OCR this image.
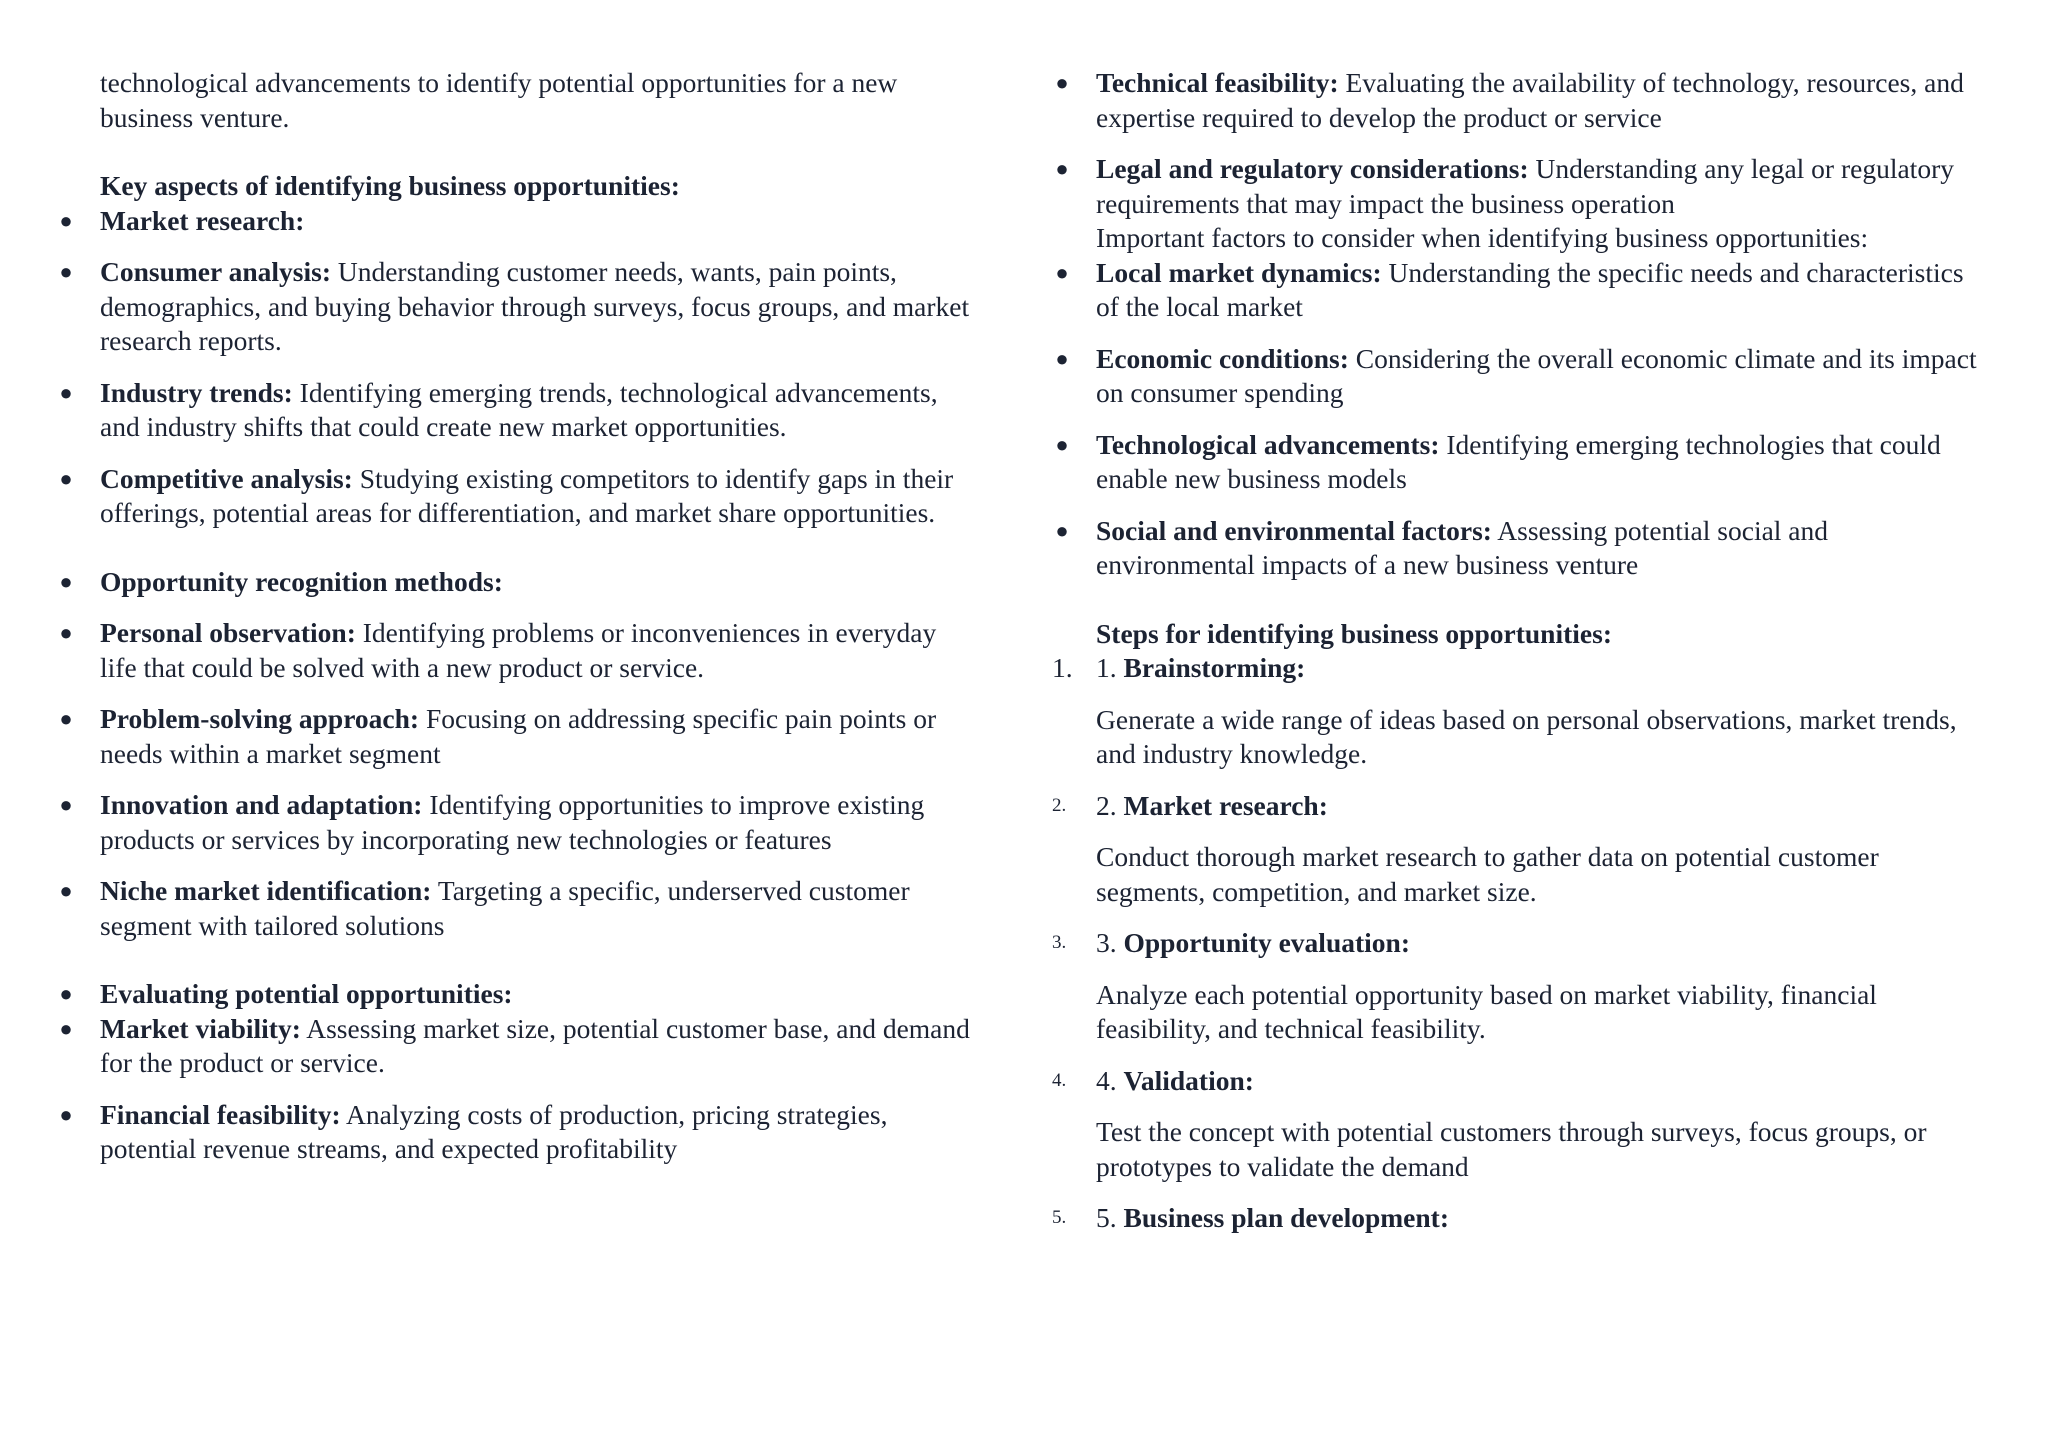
technological advancements to identify potential opportunities for a new business venture.

Key aspects of identifying business opportunities:

● Market research:
● Consumer analysis: Understanding customer needs, wants, pain points, demographics, and buying behavior through surveys, focus groups, and market research reports.
● Industry trends: Identifying emerging trends, technological advancements, and industry shifts that could create new market opportunities.
● Competitive analysis: Studying existing competitors to identify gaps in their offerings, potential areas for differentiation, and market share opportunities.
● Opportunity recognition methods:
● Personal observation: Identifying problems or inconveniences in everyday life that could be solved with a new product or service.
● Problem-solving approach: Focusing on addressing specific pain points or needs within a market segment
● Innovation and adaptation: Identifying opportunities to improve existing products or services by incorporating new technologies or features
● Niche market identification: Targeting a specific, underserved customer segment with tailored solutions
● Evaluating potential opportunities:
● Market viability: Assessing market size, potential customer base, and demand for the product or service.
● Financial feasibility: Analyzing costs of production, pricing strategies, potential revenue streams, and expected profitability
● Technical feasibility: Evaluating the availability of technology, resources, and expertise required to develop the product or service
● Legal and regulatory considerations: Understanding any legal or regulatory requirements that may impact the business operation

Important factors to consider when identifying business opportunities:

● Local market dynamics: Understanding the specific needs and characteristics of the local market
● Economic conditions: Considering the overall economic climate and its impact on consumer spending
● Technological advancements: Identifying emerging technologies that could enable new business models
● Social and environmental factors: Assessing potential social and environmental impacts of a new business venture

Steps for identifying business opportunities:

1. 1. Brainstorming:

Generate a wide range of ideas based on personal observations, market trends, and industry knowledge.

2.	2. Market research:

Conduct thorough market research to gather data on potential customer segments, competition, and market size.

3.	3. Opportunity evaluation:

Analyze each potential opportunity based on market viability, financial feasibility, and technical feasibility.

4.	4. Validation:

Test the concept with potential customers through surveys, focus groups, or prototypes to validate the demand

5.	5. Business plan development:
